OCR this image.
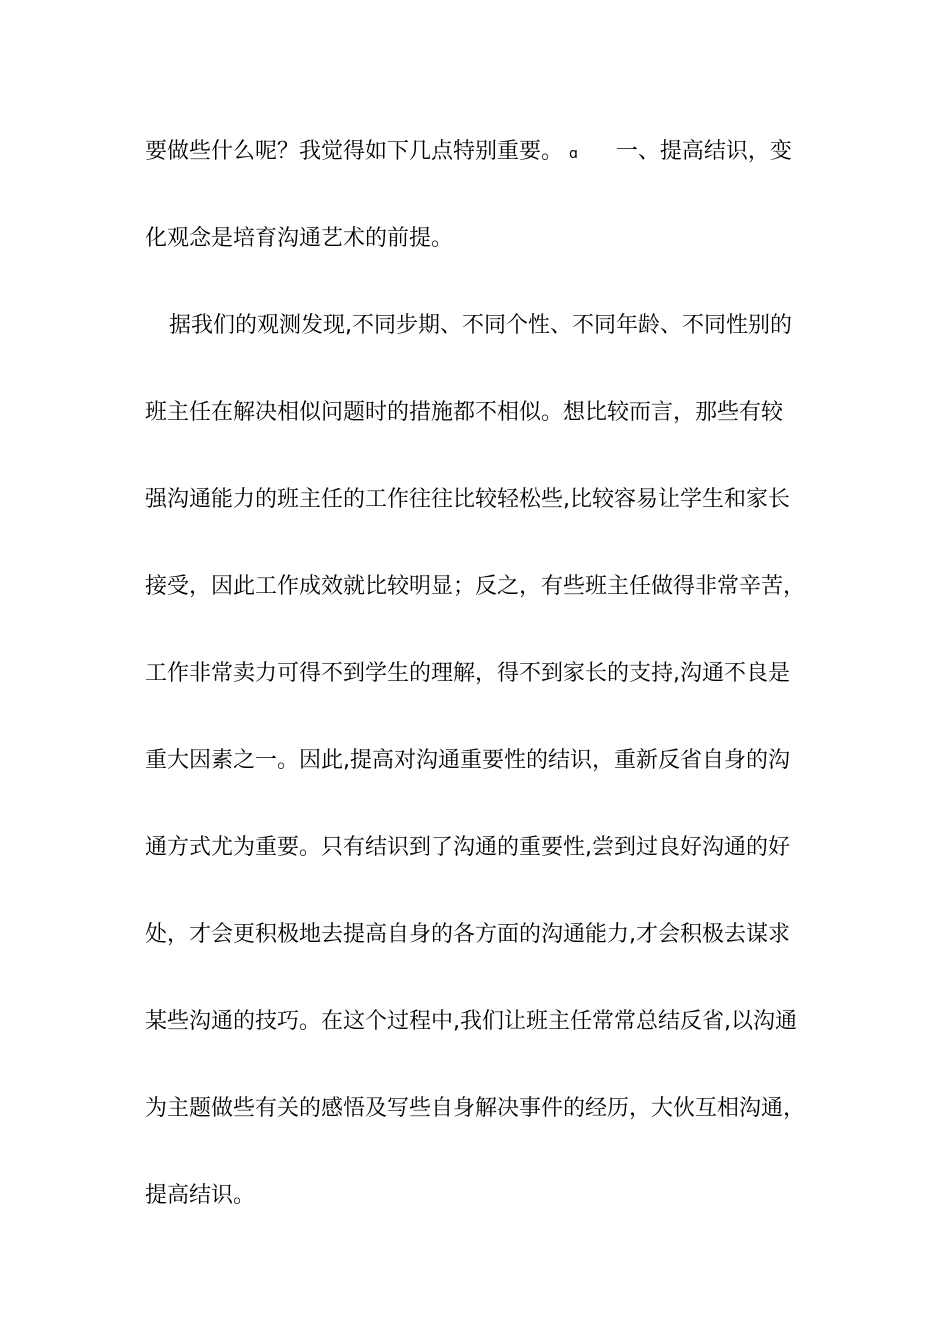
要做些什么呢？我觉得如下几点特别重要。 ɑ 一、提高结识，变
化观念是培育沟通艺术的前提。
据我们的观测发现,不同步期、不同个性、不同年龄、不同性别的
班主任在解决相似问题时的措施都不相似。想比较而言，那些有较
强沟通能力的班主任的工作往往比较轻松些,比较容易让学生和家长
接受，因此工作成效就比较明显；反之，有些班主任做得非常辛苦，
工作非常卖力可得不到学生的理解，得不到家长的支持,沟通不良是
重大因素之一。因此,提高对沟通重要性的结识，重新反省自身的沟
通方式尤为重要。只有结识到了沟通的重要性,尝到过良好沟通的好
处，才会更积极地去提高自身的各方面的沟通能力,才会积极去谋求
某些沟通的技巧。在这个过程中,我们让班主任常常总结反省,以沟通
为主题做些有关的感悟及写些自身解决事件的经历，大伙互相沟通，
提高结识。
